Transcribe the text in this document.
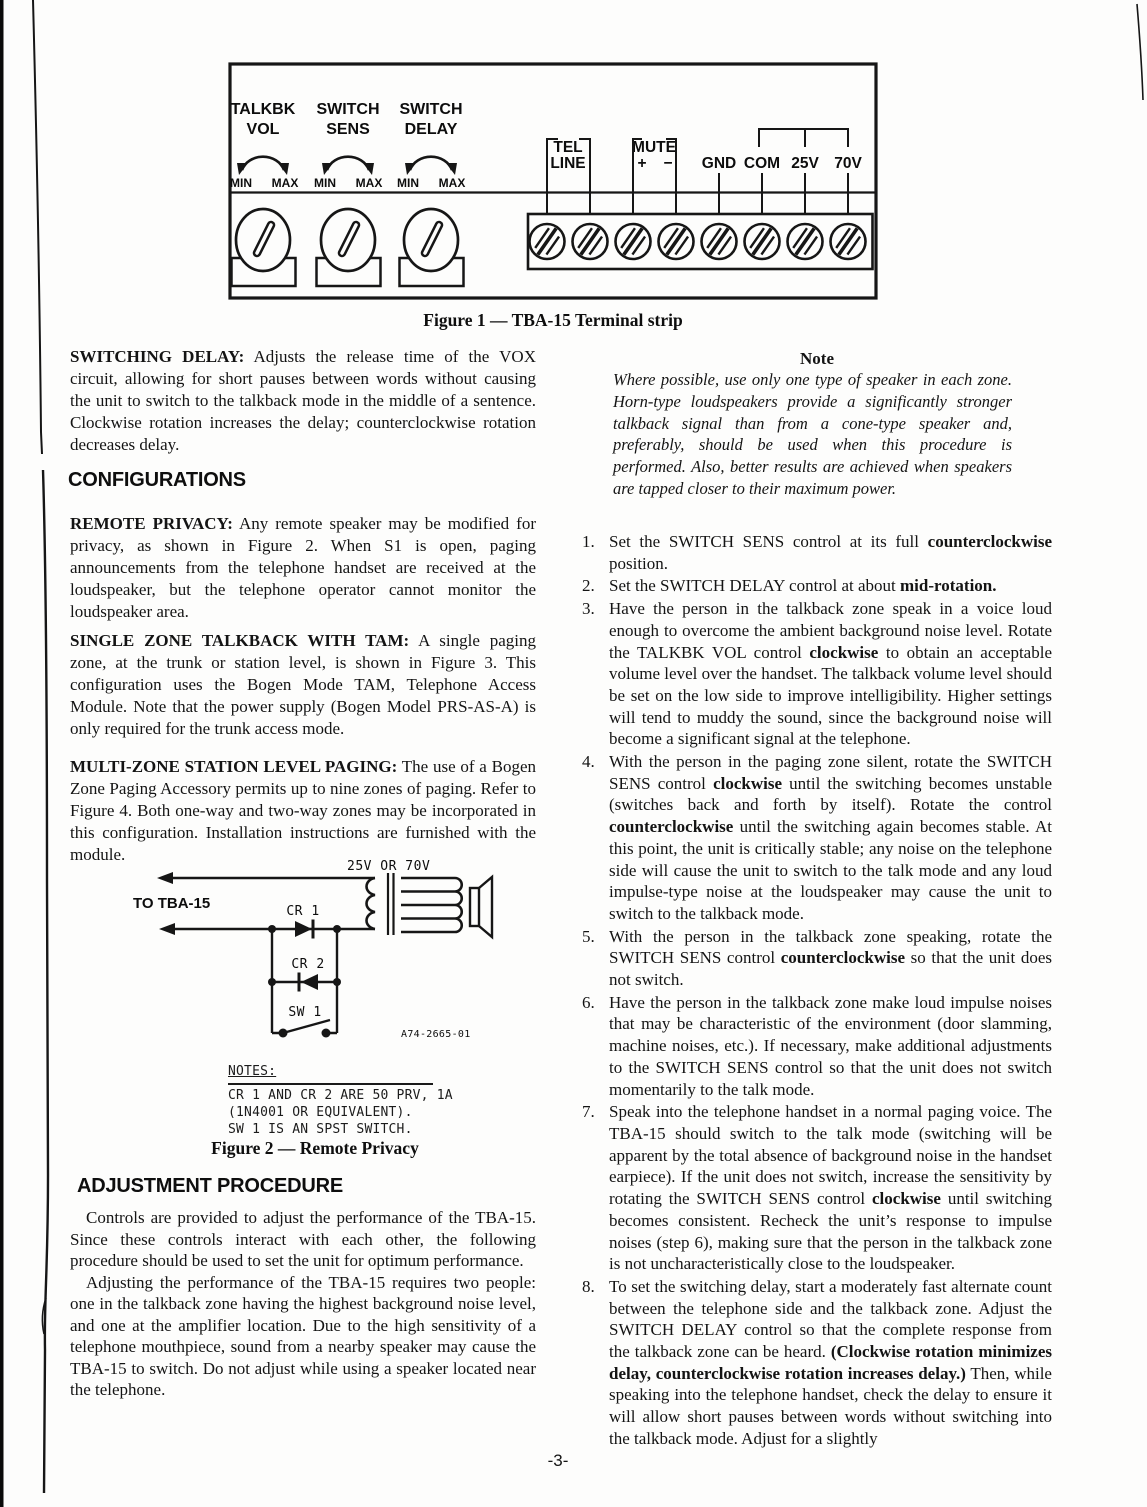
TALKBK
VOL
SWITCH
SENS
SWITCH
DELAY
MIN MAX MIN MAX MIN MAX
TEL
LINE
MUTE
+ − GND COM 25V 70V
Figure 1 — TBA-15 Terminal strip
SWITCHING DELAY: Adjusts the release time of the VOX circuit, allowing for short pauses between words without causing the unit to switch to the talkback mode in the middle of a sentence. Clockwise rotation increases the delay; counterclockwise rotation decreases delay.
CONFIGURATIONS
REMOTE PRIVACY: Any remote speaker may be modified for privacy, as shown in Figure 2. When S1 is open, paging announcements from the telephone handset are received at the loudspeaker, but the telephone operator cannot monitor the loudspeaker area.
SINGLE ZONE TALKBACK WITH TAM: A single paging zone, at the trunk or station level, is shown in Figure 3. This configuration uses the Bogen Mode TAM, Telephone Access Module. Note that the power supply (Bogen Model PRS-AS-A) is only required for the trunk access mode.
MULTI-ZONE STATION LEVEL PAGING: The use of a Bogen Zone Paging Accessory permits up to nine zones of paging. Refer to Figure 4. Both one-way and two-way zones may be incorporated in this configuration. Installation instructions are furnished with the module.
25V OR 70V
TO TBA-15	CR 1
CR 2
SW 1
A74-2665-01
NOTES:
CR 1 AND CR 2 ARE 50 PRV, 1A
(1N4001 OR EQUIVALENT).
SW 1 IS AN SPST SWITCH.
Figure 2 — Remote Privacy
ADJUSTMENT PROCEDURE

Controls are provided to adjust the performance of the TBA-15. Since these controls interact with each other, the following procedure should be used to set the unit for optimum performance.

Adjusting the performance of the TBA-15 requires two people: one in the talkback zone having the highest background noise level, and one at the amplifier location. Due to the high sensitivity of a telephone mouthpiece, sound from a nearby speaker may cause the TBA-15 to switch. Do not adjust while using a speaker located near the telephone.

Note
Where possible, use only one type of speaker in each zone. Horn-type loudspeakers provide a significantly stronger talkback signal than from a cone-type speaker and, preferably, should be used when this procedure is performed. Also, better results are achieved when speakers are tapped closer to their maximum power.
1. Set the SWITCH SENS control at its full counterclockwise position.
2. Set the SWITCH DELAY control at about mid-rotation.
3. Have the person in the talkback zone speak in a voice loud enough to overcome the ambient background noise level. Rotate the TALKBK VOL control clockwise to obtain an acceptable volume level over the handset. The talkback volume level should be set on the low side to improve intelligibility. Higher settings will tend to muddy the sound, since the background noise will become a significant signal at the telephone.
4. With the person in the paging zone silent, rotate the SWITCH SENS control clockwise until the switching becomes unstable (switches back and forth by itself). Rotate the control counterclockwise until the switching again becomes stable. At this point, the unit is critically stable; any noise on the telephone side will cause the unit to switch to the talk mode and any loud impulse-type noise at the loudspeaker may cause the unit to switch to the talkback mode.
5. With the person in the talkback zone speaking, rotate the SWITCH SENS control counterclockwise so that the unit does not switch.
6. Have the person in the talkback zone make loud impulse noises that may be characteristic of the environment (door slamming, machine noises, etc.). If necessary, make additional adjustments to the SWITCH SENS control so that the unit does not switch momentarily to the talk mode.
7. Speak into the telephone handset in a normal paging voice. The TBA-15 should switch to the talk mode (switching will be apparent by the total absence of background noise in the handset earpiece). If the unit does not switch, increase the sensitivity by rotating the SWITCH SENS control clockwise until switching becomes consistent. Recheck the unit’s response to impulse noises (step 6), making sure that the person in the talkback zone is not uncharacteristically close to the loudspeaker.
8. To set the switching delay, start a moderately fast alternate count between the telephone side and the talkback zone. Adjust the SWITCH DELAY control so that the complete response from the talkback zone can be heard. (Clockwise rotation minimizes delay, counterclockwise rotation increases delay.) Then, while speaking into the telephone handset, check the delay to ensure it will allow short pauses between words without switching into the talkback mode. Adjust for a slightly
-3-
